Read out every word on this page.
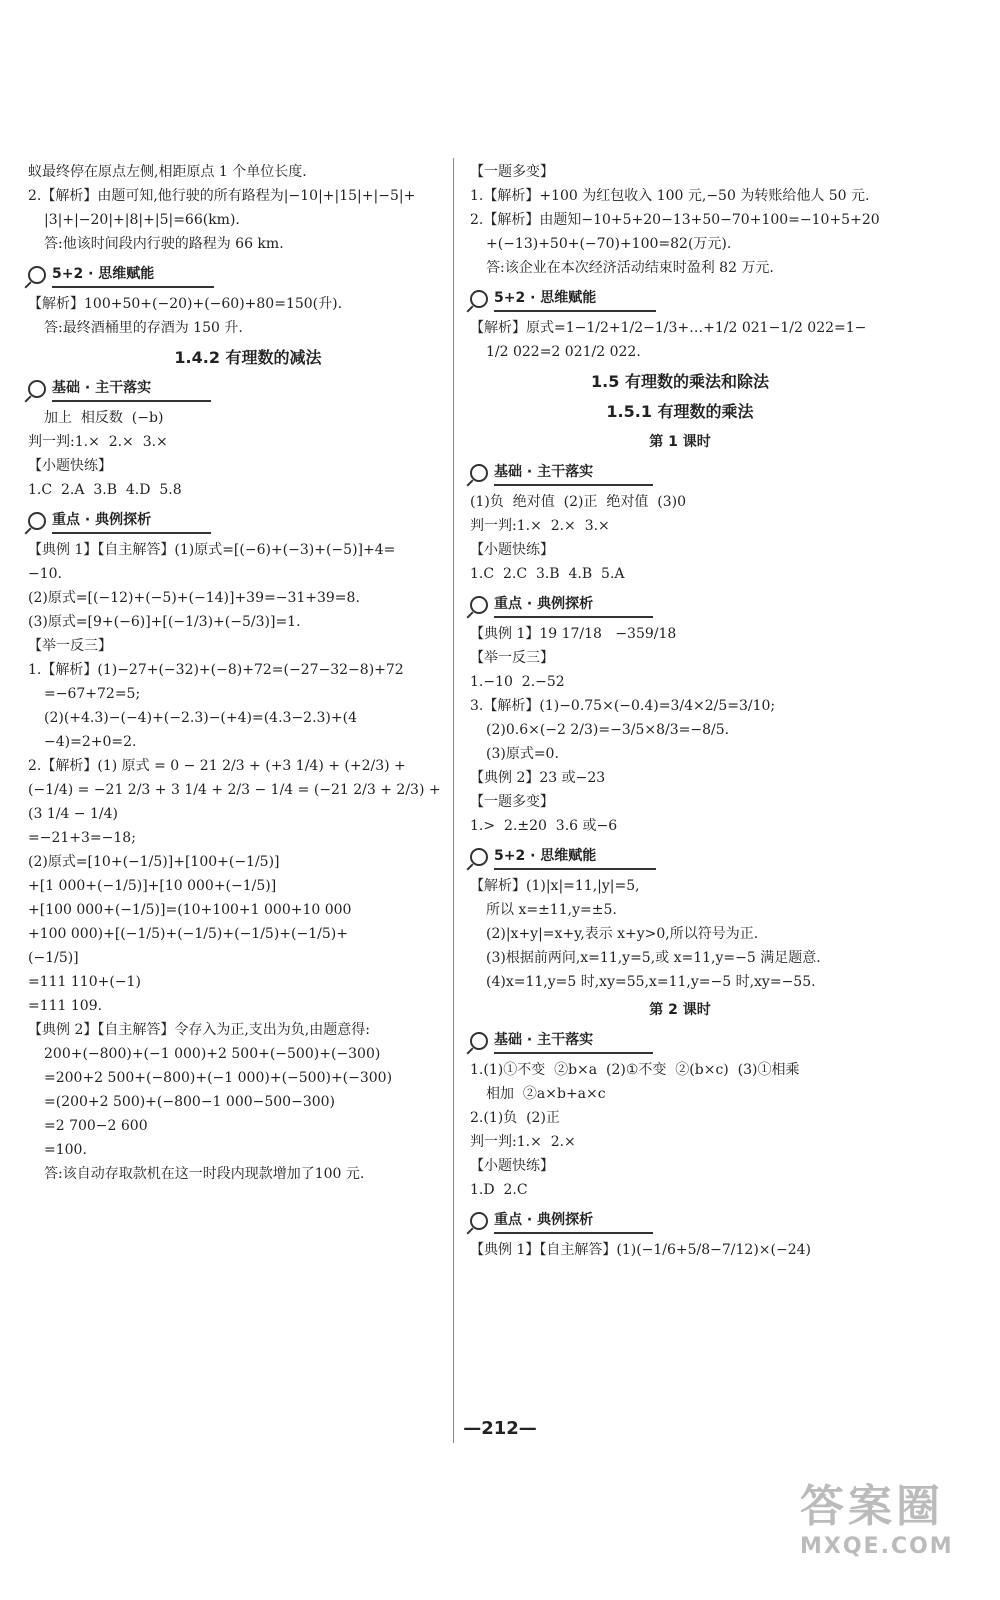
蚁最终停在原点左侧,相距原点 1 个单位长度.
2.【解析】由题可知,他行驶的所有路程为|−10|+|15|+|−5|+
|3|+|−20|+|8|+|5|=66(km).
答:他该时间段内行驶的路程为 66 km.
5+2 · 思维赋能
【解析】100+50+(−20)+(−60)+80=150(升).
答:最终酒桶里的存酒为 150 升.
1.4.2 有理数的减法
基础 · 主干落实
加上  相反数  (−b)
判一判:1.×  2.×  3.×
【小题快练】
1.C  2.A  3.B  4.D  5.8
重点 · 典例探析
【典例 1】【自主解答】(1)原式=[(−6)+(−3)+(−5)]+4=
−10.
(2)原式=[(−12)+(−5)+(−14)]+39=−31+39=8.
(3)原式=[9+(−6)]+[(−1/3)+(−5/3)]=1.
【举一反三】
1.【解析】(1)−27+(−32)+(−8)+72=(−27−32−8)+72
=−67+72=5;
(2)(+4.3)−(−4)+(−2.3)−(+4)=(4.3−2.3)+(4
−4)=2+0=2.
2.【解析】(1) 原式 = 0 − 21 2/3 + (+3 1/4) + (+2/3) +
(−1/4) = −21 2/3 + 3 1/4 + 2/3 − 1/4 = (−21 2/3 + 2/3) +
(3 1/4 − 1/4)
=−21+3=−18;
(2)原式=[10+(−1/5)]+[100+(−1/5)]
+[1 000+(−1/5)]+[10 000+(−1/5)]
+[100 000+(−1/5)]=(10+100+1 000+10 000
+100 000)+[(−1/5)+(−1/5)+(−1/5)+(−1/5)+
(−1/5)]
=111 110+(−1)
=111 109.
【典例 2】【自主解答】令存入为正,支出为负,由题意得:
200+(−800)+(−1 000)+2 500+(−500)+(−300)
=200+2 500+(−800)+(−1 000)+(−500)+(−300)
=(200+2 500)+(−800−1 000−500−300)
=2 700−2 600
=100.
答:该自动存取款机在这一时段内现款增加了100 元.
【一题多变】
1.【解析】+100 为红包收入 100 元,−50 为转账给他人 50 元.
2.【解析】由题知−10+5+20−13+50−70+100=−10+5+20
+(−13)+50+(−70)+100=82(万元).
答:该企业在本次经济活动结束时盈利 82 万元.
5+2 · 思维赋能
【解析】原式=1−1/2+1/2−1/3+…+1/2 021−1/2 022=1−
1/2 022=2 021/2 022.
1.5 有理数的乘法和除法
1.5.1 有理数的乘法
第 1 课时
基础 · 主干落实
(1)负  绝对值  (2)正  绝对值  (3)0
判一判:1.×  2.×  3.×
【小题快练】
1.C  2.C  3.B  4.B  5.A
重点 · 典例探析
【典例 1】19 17/18   −359/18
【举一反三】
1.−10  2.−52
3.【解析】(1)−0.75×(−0.4)=3/4×2/5=3/10;
(2)0.6×(−2 2/3)=−3/5×8/3=−8/5.
(3)原式=0.
【典例 2】23 或−23
【一题多变】
1.>  2.±20  3.6 或−6
5+2 · 思维赋能
【解析】(1)|x|=11,|y|=5,
所以 x=±11,y=±5.
(2)|x+y|=x+y,表示 x+y>0,所以符号为正.
(3)根据前两问,x=11,y=5,或 x=11,y=−5 满足题意.
(4)x=11,y=5 时,xy=55,x=11,y=−5 时,xy=−55.
第 2 课时
基础 · 主干落实
1.(1)①不变  ②b×a  (2)①不变  ②(b×c)  (3)①相乘
相加  ②a×b+a×c
2.(1)负  (2)正
判一判:1.×  2.×
【小题快练】
1.D  2.C
重点 · 典例探析
【典例 1】【自主解答】(1)(−1/6+5/8−7/12)×(−24)
—212—
答案圈
MXQE.COM
